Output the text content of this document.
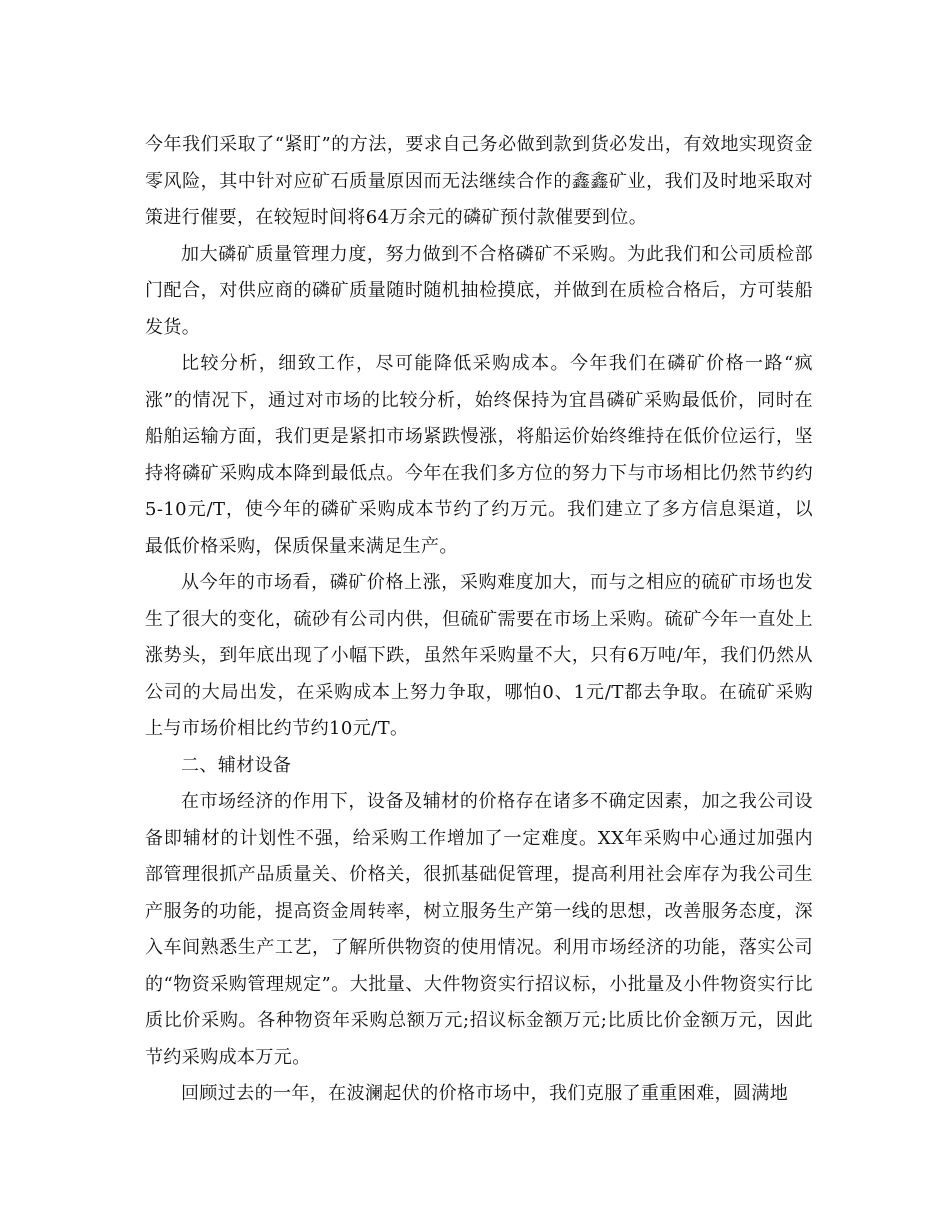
今年我们采取了“紧盯”的方法，要求自己务必做到款到货必发出，有效地实现资金零风险，其中针对应矿石质量原因而无法继续合作的鑫鑫矿业，我们及时地采取对策进行催要，在较短时间将64万余元的磷矿预付款催要到位。

加大磷矿质量管理力度，努力做到不合格磷矿不采购。为此我们和公司质检部门配合，对供应商的磷矿质量随时随机抽检摸底，并做到在质检合格后，方可装船发货。

比较分析，细致工作，尽可能降低采购成本。今年我们在磷矿价格一路“疯涨”的情况下，通过对市场的比较分析，始终保持为宜昌磷矿采购最低价，同时在船舶运输方面，我们更是紧扣市场紧跌慢涨，将船运价始终维持在低价位运行，坚持将磷矿采购成本降到最低点。今年在我们多方位的努力下与市场相比仍然节约约5-10元/T，使今年的磷矿采购成本节约了约万元。我们建立了多方信息渠道，以最低价格采购，保质保量来满足生产。

从今年的市场看，磷矿价格上涨，采购难度加大，而与之相应的硫矿市场也发生了很大的变化，硫砂有公司内供，但硫矿需要在市场上采购。硫矿今年一直处上涨势头，到年底出现了小幅下跌，虽然年采购量不大，只有6万吨/年，我们仍然从公司的大局出发，在采购成本上努力争取，哪怕0、1元/T都去争取。在硫矿采购上与市场价相比约节约10元/T。

二、辅材设备

在市场经济的作用下，设备及辅材的价格存在诸多不确定因素，加之我公司设备即辅材的计划性不强，给采购工作增加了一定难度。XX年采购中心通过加强内部管理很抓产品质量关、价格关，很抓基础促管理，提高利用社会库存为我公司生产服务的功能，提高资金周转率，树立服务生产第一线的思想，改善服务态度，深入车间熟悉生产工艺，了解所供物资的使用情况。利用市场经济的功能，落实公司的“物资采购管理规定”。大批量、大件物资实行招议标，小批量及小件物资实行比质比价采购。各种物资年采购总额万元;招议标金额万元;比质比价金额万元，因此节约采购成本万元。

回顾过去的一年，在波澜起伏的价格市场中，我们克服了重重困难，圆满地
